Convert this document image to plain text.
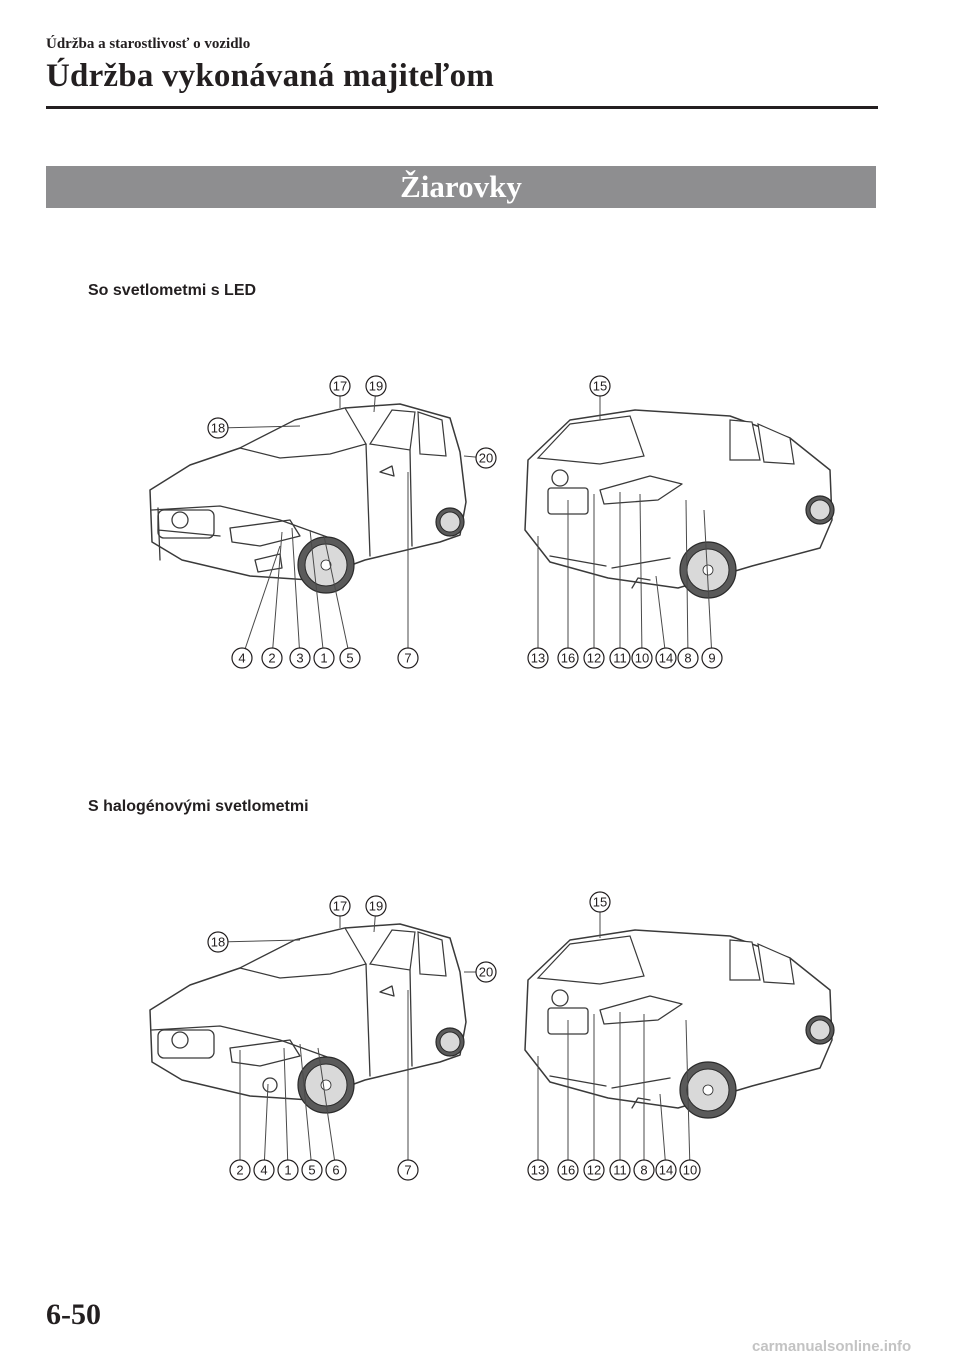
Údržba a starostlivosť o vozidlo
Údržba vykonávaná majiteľom
Žiarovky
So svetlometmi s LED
S halogénovými svetlometmi
17 19
18
20
4 2 3 1 5	7
15
13 16 12 11 10 14 8 9
17 19
18
20
2 4 1 5 6	7
15
13 16 12 11 8 14 10
6-50
carmanualsonline.info
